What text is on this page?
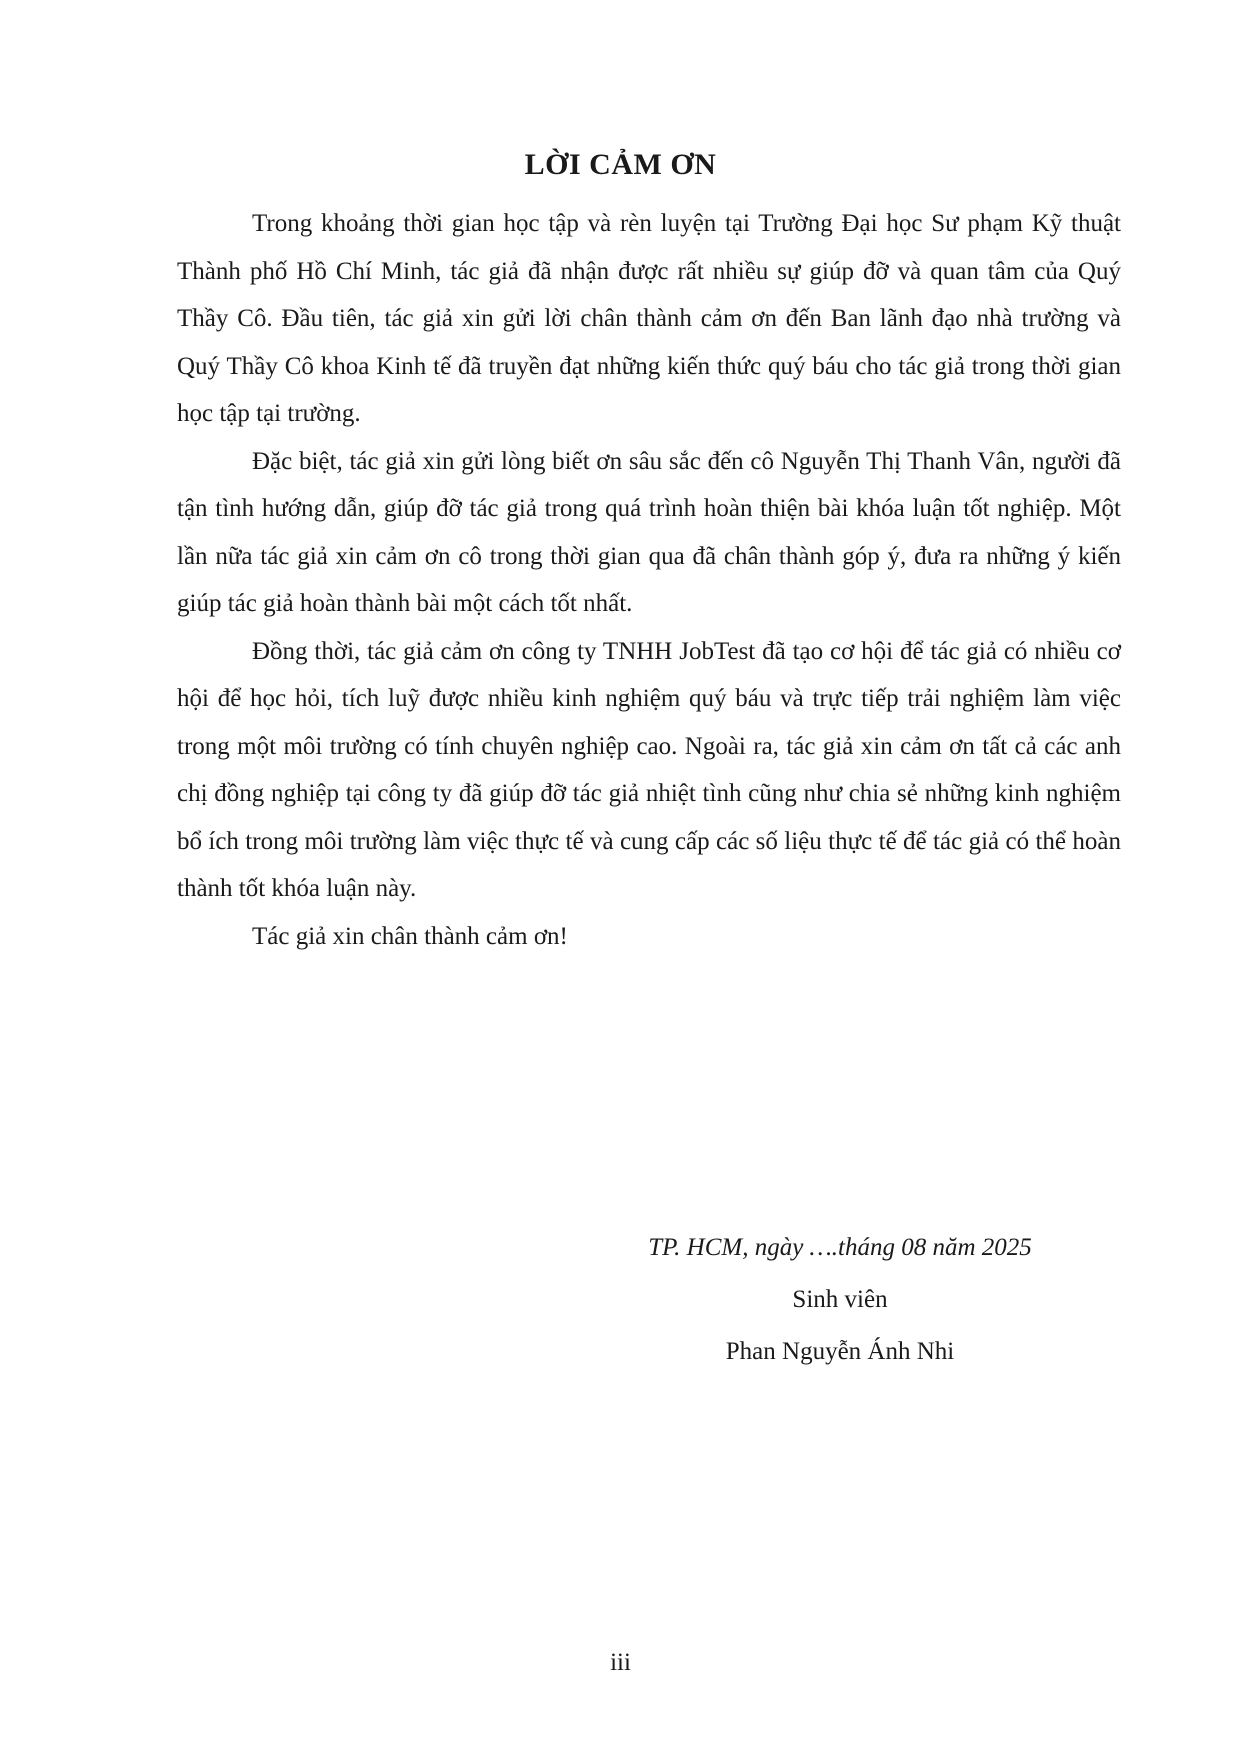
LỜI CẢM ƠN

Trong khoảng thời gian học tập và rèn luyện tại Trường Đại học Sư phạm Kỹ thuật Thành phố Hồ Chí Minh, tác giả đã nhận được rất nhiều sự giúp đỡ và quan tâm của Quý Thầy Cô. Đầu tiên, tác giả xin gửi lời chân thành cảm ơn đến Ban lãnh đạo nhà trường và Quý Thầy Cô khoa Kinh tế đã truyền đạt những kiến thức quý báu cho tác giả trong thời gian học tập tại trường.

Đặc biệt, tác giả xin gửi lòng biết ơn sâu sắc đến cô Nguyễn Thị Thanh Vân, người đã tận tình hướng dẫn, giúp đỡ tác giả trong quá trình hoàn thiện bài khóa luận tốt nghiệp. Một lần nữa tác giả xin cảm ơn cô trong thời gian qua đã chân thành góp ý, đưa ra những ý kiến giúp tác giả hoàn thành bài một cách tốt nhất.

Đồng thời, tác giả cảm ơn công ty TNHH JobTest đã tạo cơ hội để tác giả có nhiều cơ hội để học hỏi, tích luỹ được nhiều kinh nghiệm quý báu và trực tiếp trải nghiệm làm việc trong một môi trường có tính chuyên nghiệp cao. Ngoài ra, tác giả xin cảm ơn tất cả các anh chị đồng nghiệp tại công ty đã giúp đỡ tác giả nhiệt tình cũng như chia sẻ những kinh nghiệm bổ ích trong môi trường làm việc thực tế và cung cấp các số liệu thực tế để tác giả có thể hoàn thành tốt khóa luận này.

Tác giả xin chân thành cảm ơn!

TP. HCM, ngày ….tháng 08 năm 2025
Sinh viên
Phan Nguyễn Ánh Nhi
iii
